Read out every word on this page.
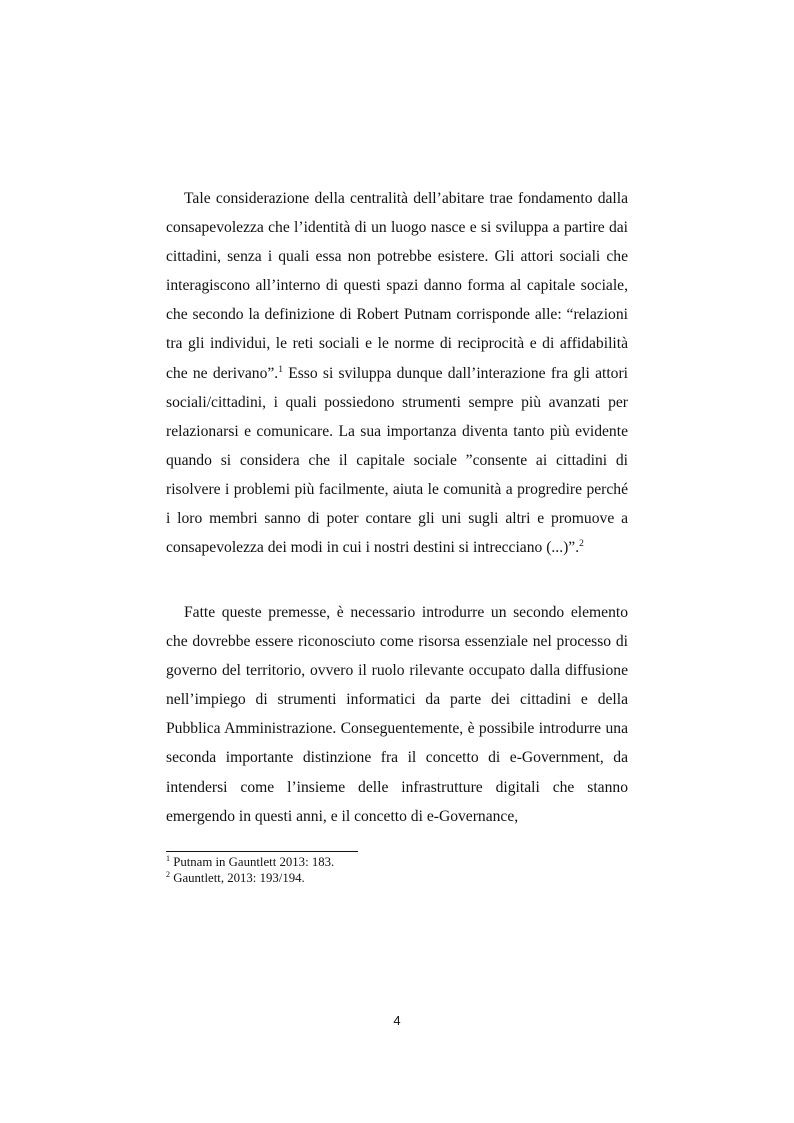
Tale considerazione della centralità dell’abitare trae fondamento dalla consapevolezza che l’identità di un luogo nasce e si sviluppa a partire dai cittadini, senza i quali essa non potrebbe esistere. Gli attori sociali che interagiscono all’interno di questi spazi danno forma al capitale sociale, che secondo la definizione di Robert Putnam corrisponde alle: “relazioni tra gli individui, le reti sociali e le norme di reciprocità e di affidabilità che ne derivano”.$^1$ Esso si sviluppa dunque dall’interazione fra gli attori sociali/cittadini, i quali possiedono strumenti sempre più avanzati per relazionarsi e comunicare. La sua importanza diventa tanto più evidente quando si considera che il capitale sociale ”consente ai cittadini di risolvere i problemi più facilmente, aiuta le comunità a progredire perché i loro membri sanno di poter contare gli uni sugli altri e promuove a consapevolezza dei modi in cui i nostri destini si intrecciano (...)”.$^2$

Fatte queste premesse, è necessario introdurre un secondo elemento che dovrebbe essere riconosciuto come risorsa essenziale nel processo di governo del territorio, ovvero il ruolo rilevante occupato dalla diffusione nell’impiego di strumenti informatici da parte dei cittadini e della Pubblica Amministrazione. Conseguentemente, è possibile introdurre una seconda importante distinzione fra il concetto di e-Government, da intendersi come l’insieme delle infrastrutture digitali che stanno emergendo in questi anni, e il concetto di e-Governance,

$^1$ Putnam in Gauntlett 2013: 183.

$^2$ Gauntlett, 2013: 193/194.

4
